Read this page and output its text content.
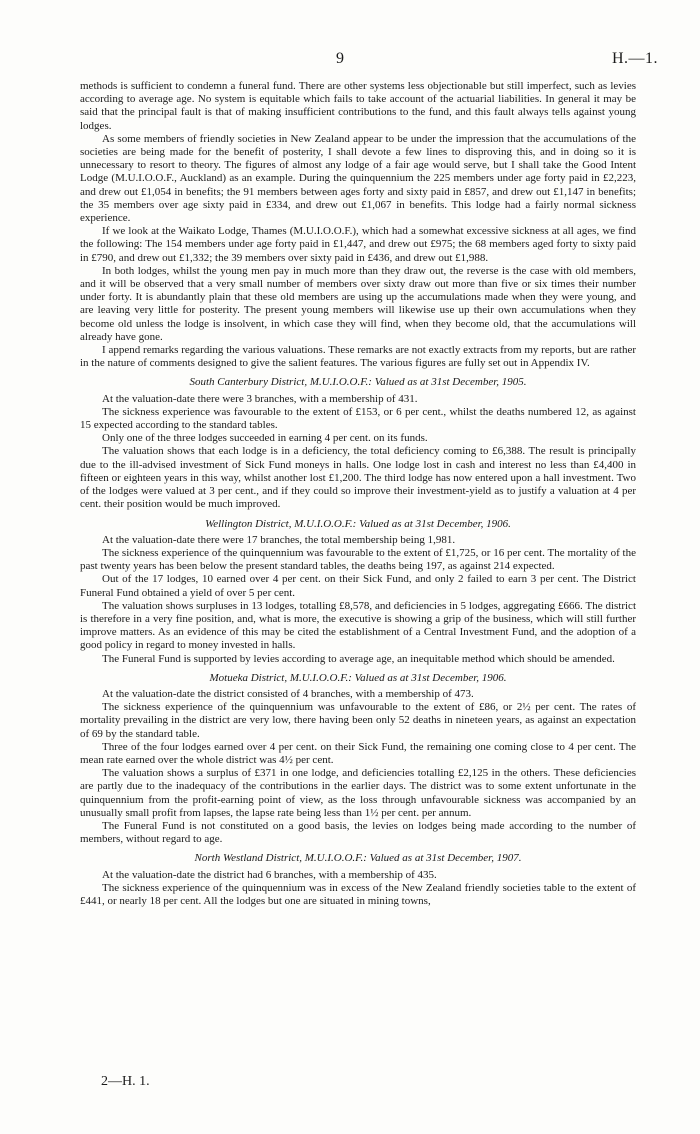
9	H.—1.

methods is sufficient to condemn a funeral fund. There are other systems less objectionable but still imperfect, such as levies according to average age. No system is equitable which fails to take account of the actuarial liabilities. In general it may be said that the principal fault is that of making insufficient contributions to the fund, and this fault always tells against young lodges.

As some members of friendly societies in New Zealand appear to be under the impression that the accumulations of the societies are being made for the benefit of posterity, I shall devote a few lines to disproving this, and in doing so it is unnecessary to resort to theory. The figures of almost any lodge of a fair age would serve, but I shall take the Good Intent Lodge (M.U.I.O.O.F., Auckland) as an example. During the quinquennium the 225 members under age forty paid in £2,223, and drew out £1,054 in benefits; the 91 members between ages forty and sixty paid in £857, and drew out £1,147 in benefits; the 35 members over age sixty paid in £334, and drew out £1,067 in benefits. This lodge had a fairly normal sickness experience.

If we look at the Waikato Lodge, Thames (M.U.I.O.O.F.), which had a somewhat excessive sickness at all ages, we find the following: The 154 members under age forty paid in £1,447, and drew out £975; the 68 members aged forty to sixty paid in £790, and drew out £1,332; the 39 members over sixty paid in £436, and drew out £1,988.

In both lodges, whilst the young men pay in much more than they draw out, the reverse is the case with old members, and it will be observed that a very small number of members over sixty draw out more than five or six times their number under forty. It is abundantly plain that these old members are using up the accumulations made when they were young, and are leaving very little for posterity. The present young members will likewise use up their own accumulations when they become old unless the lodge is insolvent, in which case they will find, when they become old, that the accumulations will already have gone.

I append remarks regarding the various valuations. These remarks are not exactly extracts from my reports, but are rather in the nature of comments designed to give the salient features. The various figures are fully set out in Appendix IV.

South Canterbury District, M.U.I.O.O.F.: Valued as at 31st December, 1905.

At the valuation-date there were 3 branches, with a membership of 431.

The sickness experience was favourable to the extent of £153, or 6 per cent., whilst the deaths numbered 12, as against 15 expected according to the standard tables.

Only one of the three lodges succeeded in earning 4 per cent. on its funds.

The valuation shows that each lodge is in a deficiency, the total deficiency coming to £6,388. The result is principally due to the ill-advised investment of Sick Fund moneys in halls. One lodge lost in cash and interest no less than £4,400 in fifteen or eighteen years in this way, whilst another lost £1,200. The third lodge has now entered upon a hall investment. Two of the lodges were valued at 3 per cent., and if they could so improve their investment-yield as to justify a valuation at 4 per cent. their position would be much improved.

Wellington District, M.U.I.O.O.F.: Valued as at 31st December, 1906.

At the valuation-date there were 17 branches, the total membership being 1,981.

The sickness experience of the quinquennium was favourable to the extent of £1,725, or 16 per cent. The mortality of the past twenty years has been below the present standard tables, the deaths being 197, as against 214 expected.

Out of the 17 lodges, 10 earned over 4 per cent. on their Sick Fund, and only 2 failed to earn 3 per cent. The District Funeral Fund obtained a yield of over 5 per cent.

The valuation shows surpluses in 13 lodges, totalling £8,578, and deficiencies in 5 lodges, aggregating £666. The district is therefore in a very fine position, and, what is more, the executive is showing a grip of the business, which will still further improve matters. As an evidence of this may be cited the establishment of a Central Investment Fund, and the adoption of a good policy in regard to money invested in halls.

The Funeral Fund is supported by levies according to average age, an inequitable method which should be amended.

Motueka District, M.U.I.O.O.F.: Valued as at 31st December, 1906.

At the valuation-date the district consisted of 4 branches, with a membership of 473.

The sickness experience of the quinquennium was unfavourable to the extent of £86, or 2½ per cent. The rates of mortality prevailing in the district are very low, there having been only 52 deaths in nineteen years, as against an expectation of 69 by the standard table.

Three of the four lodges earned over 4 per cent. on their Sick Fund, the remaining one coming close to 4 per cent. The mean rate earned over the whole district was 4½ per cent.

The valuation shows a surplus of £371 in one lodge, and deficiencies totalling £2,125 in the others. These deficiencies are partly due to the inadequacy of the contributions in the earlier days. The district was to some extent unfortunate in the quinquennium from the profit-earning point of view, as the loss through unfavourable sickness was accompanied by an unusually small profit from lapses, the lapse rate being less than 1½ per cent. per annum.

The Funeral Fund is not constituted on a good basis, the levies on lodges being made according to the number of members, without regard to age.

North Westland District, M.U.I.O.O.F.: Valued as at 31st December, 1907.

At the valuation-date the district had 6 branches, with a membership of 435.

The sickness experience of the quinquennium was in excess of the New Zealand friendly societies table to the extent of £441, or nearly 18 per cent. All the lodges but one are situated in mining towns,

2—H. 1.
